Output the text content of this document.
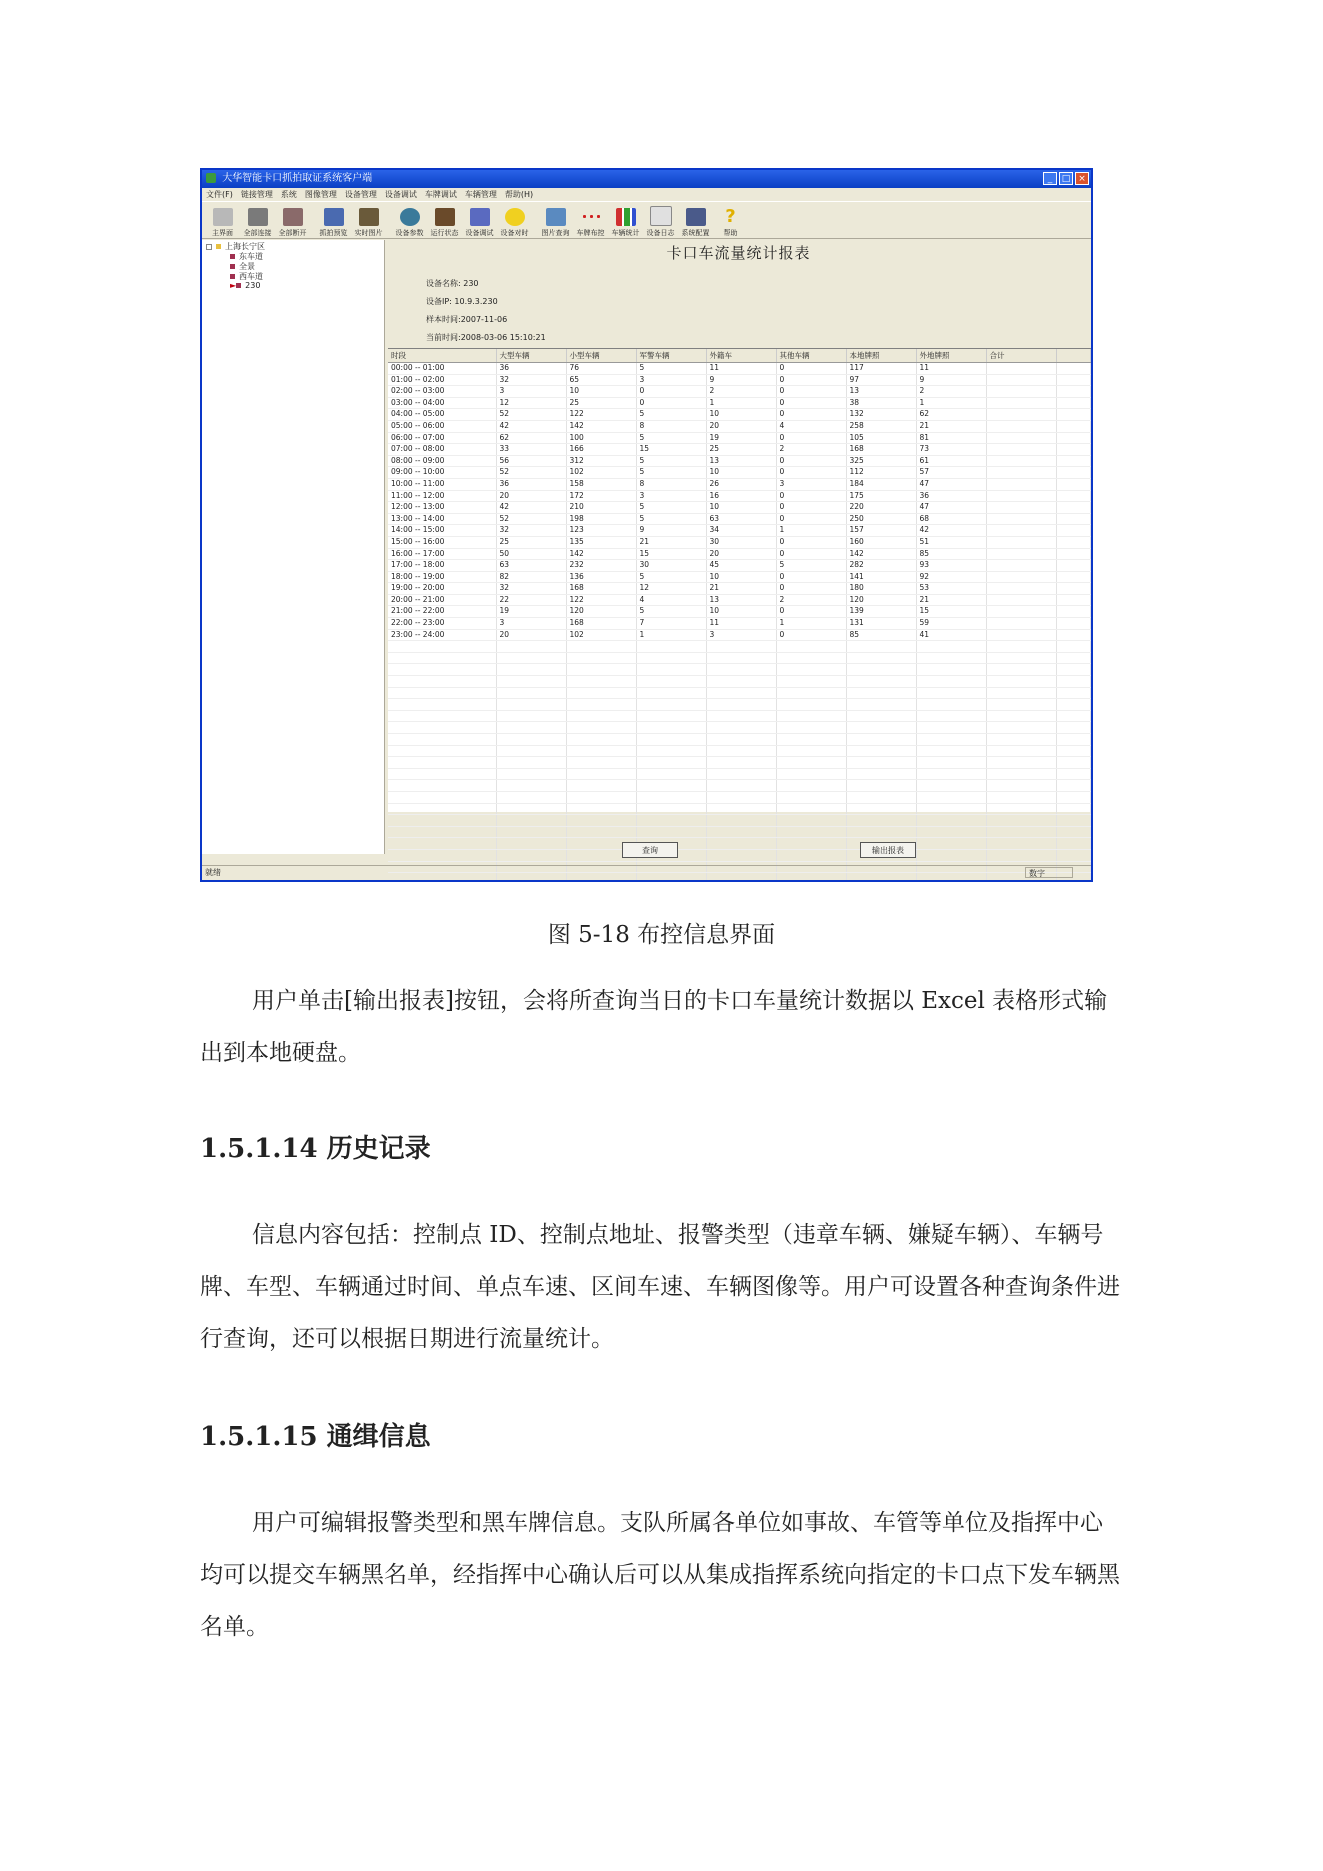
大华智能卡口抓拍取证系统客户端	_	□ ×
文件(F) 链接管理 系统 图像管理 设备管理 设备调试 车牌调试 车辆管理 帮助(H)
主界面 全部连接 全部断开 抓拍预览 实时图片 设备参数 运行状态 设备调试 设备对时 图片查询 车牌布控 车辆统计 设备日志 系统配置
?
帮助
上海长宁区
东车道
全景
西车道
► 230
卡口车流量统计报表
设备名称: 230
设备IP: 10.9.3.230
样本时间:2007-11-06
当前时间:2008-03-06 15:10:21
时段	大型车辆	小型车辆	军警车辆	外籍车	其他车辆	本地牌照	外地牌照	合计	
00:00 -- 01:00	36	76	5	11	0	117	11		
01:00 -- 02:00	32	65	3	9	0	97	9		
02:00 -- 03:00	3	10	0	2	0	13	2		
03:00 -- 04:00	12	25	0	1	0	38	1		
04:00 -- 05:00	52	122	5	10	0	132	62		
05:00 -- 06:00	42	142	8	20	4	258	21		
06:00 -- 07:00	62	100	5	19	0	105	81		
07:00 -- 08:00	33	166	15	25	2	168	73		
08:00 -- 09:00	56	312	5	13	0	325	61		
09:00 -- 10:00	52	102	5	10	0	112	57		
10:00 -- 11:00	36	158	8	26	3	184	47		
11:00 -- 12:00	20	172	3	16	0	175	36		
12:00 -- 13:00	42	210	5	10	0	220	47		
13:00 -- 14:00	52	198	5	63	0	250	68		
14:00 -- 15:00	32	123	9	34	1	157	42		
15:00 -- 16:00	25	135	21	30	0	160	51		
16:00 -- 17:00	50	142	15	20	0	142	85		
17:00 -- 18:00	63	232	30	45	5	282	93		
18:00 -- 19:00	82	136	5	10	0	141	92		
19:00 -- 20:00	32	168	12	21	0	180	53		
20:00 -- 21:00	22	122	4	13	2	120	21		
21:00 -- 22:00	19	120	5	10	0	139	15		
22:00 -- 23:00	3	168	7	11	1	131	59		
23:00 -- 24:00	20	102	1	3	0	85	41		

查询	输出报表
就绪	数字
图 5-18 布控信息界面
用户单击[输出报表]按钮，会将所查询当日的卡口车量统计数据以 Excel 表格形式输出到本地硬盘。
1.5.1.14 历史记录
信息内容包括：控制点 ID、控制点地址、报警类型（违章车辆、嫌疑车辆）、车辆号牌、车型、车辆通过时间、单点车速、区间车速、车辆图像等。用户可设置各种查询条件进行查询，还可以根据日期进行流量统计。
1.5.1.15 通缉信息
用户可编辑报警类型和黑车牌信息。支队所属各单位如事故、车管等单位及指挥中心均可以提交车辆黑名单，经指挥中心确认后可以从集成指挥系统向指定的卡口点下发车辆黑名单。
